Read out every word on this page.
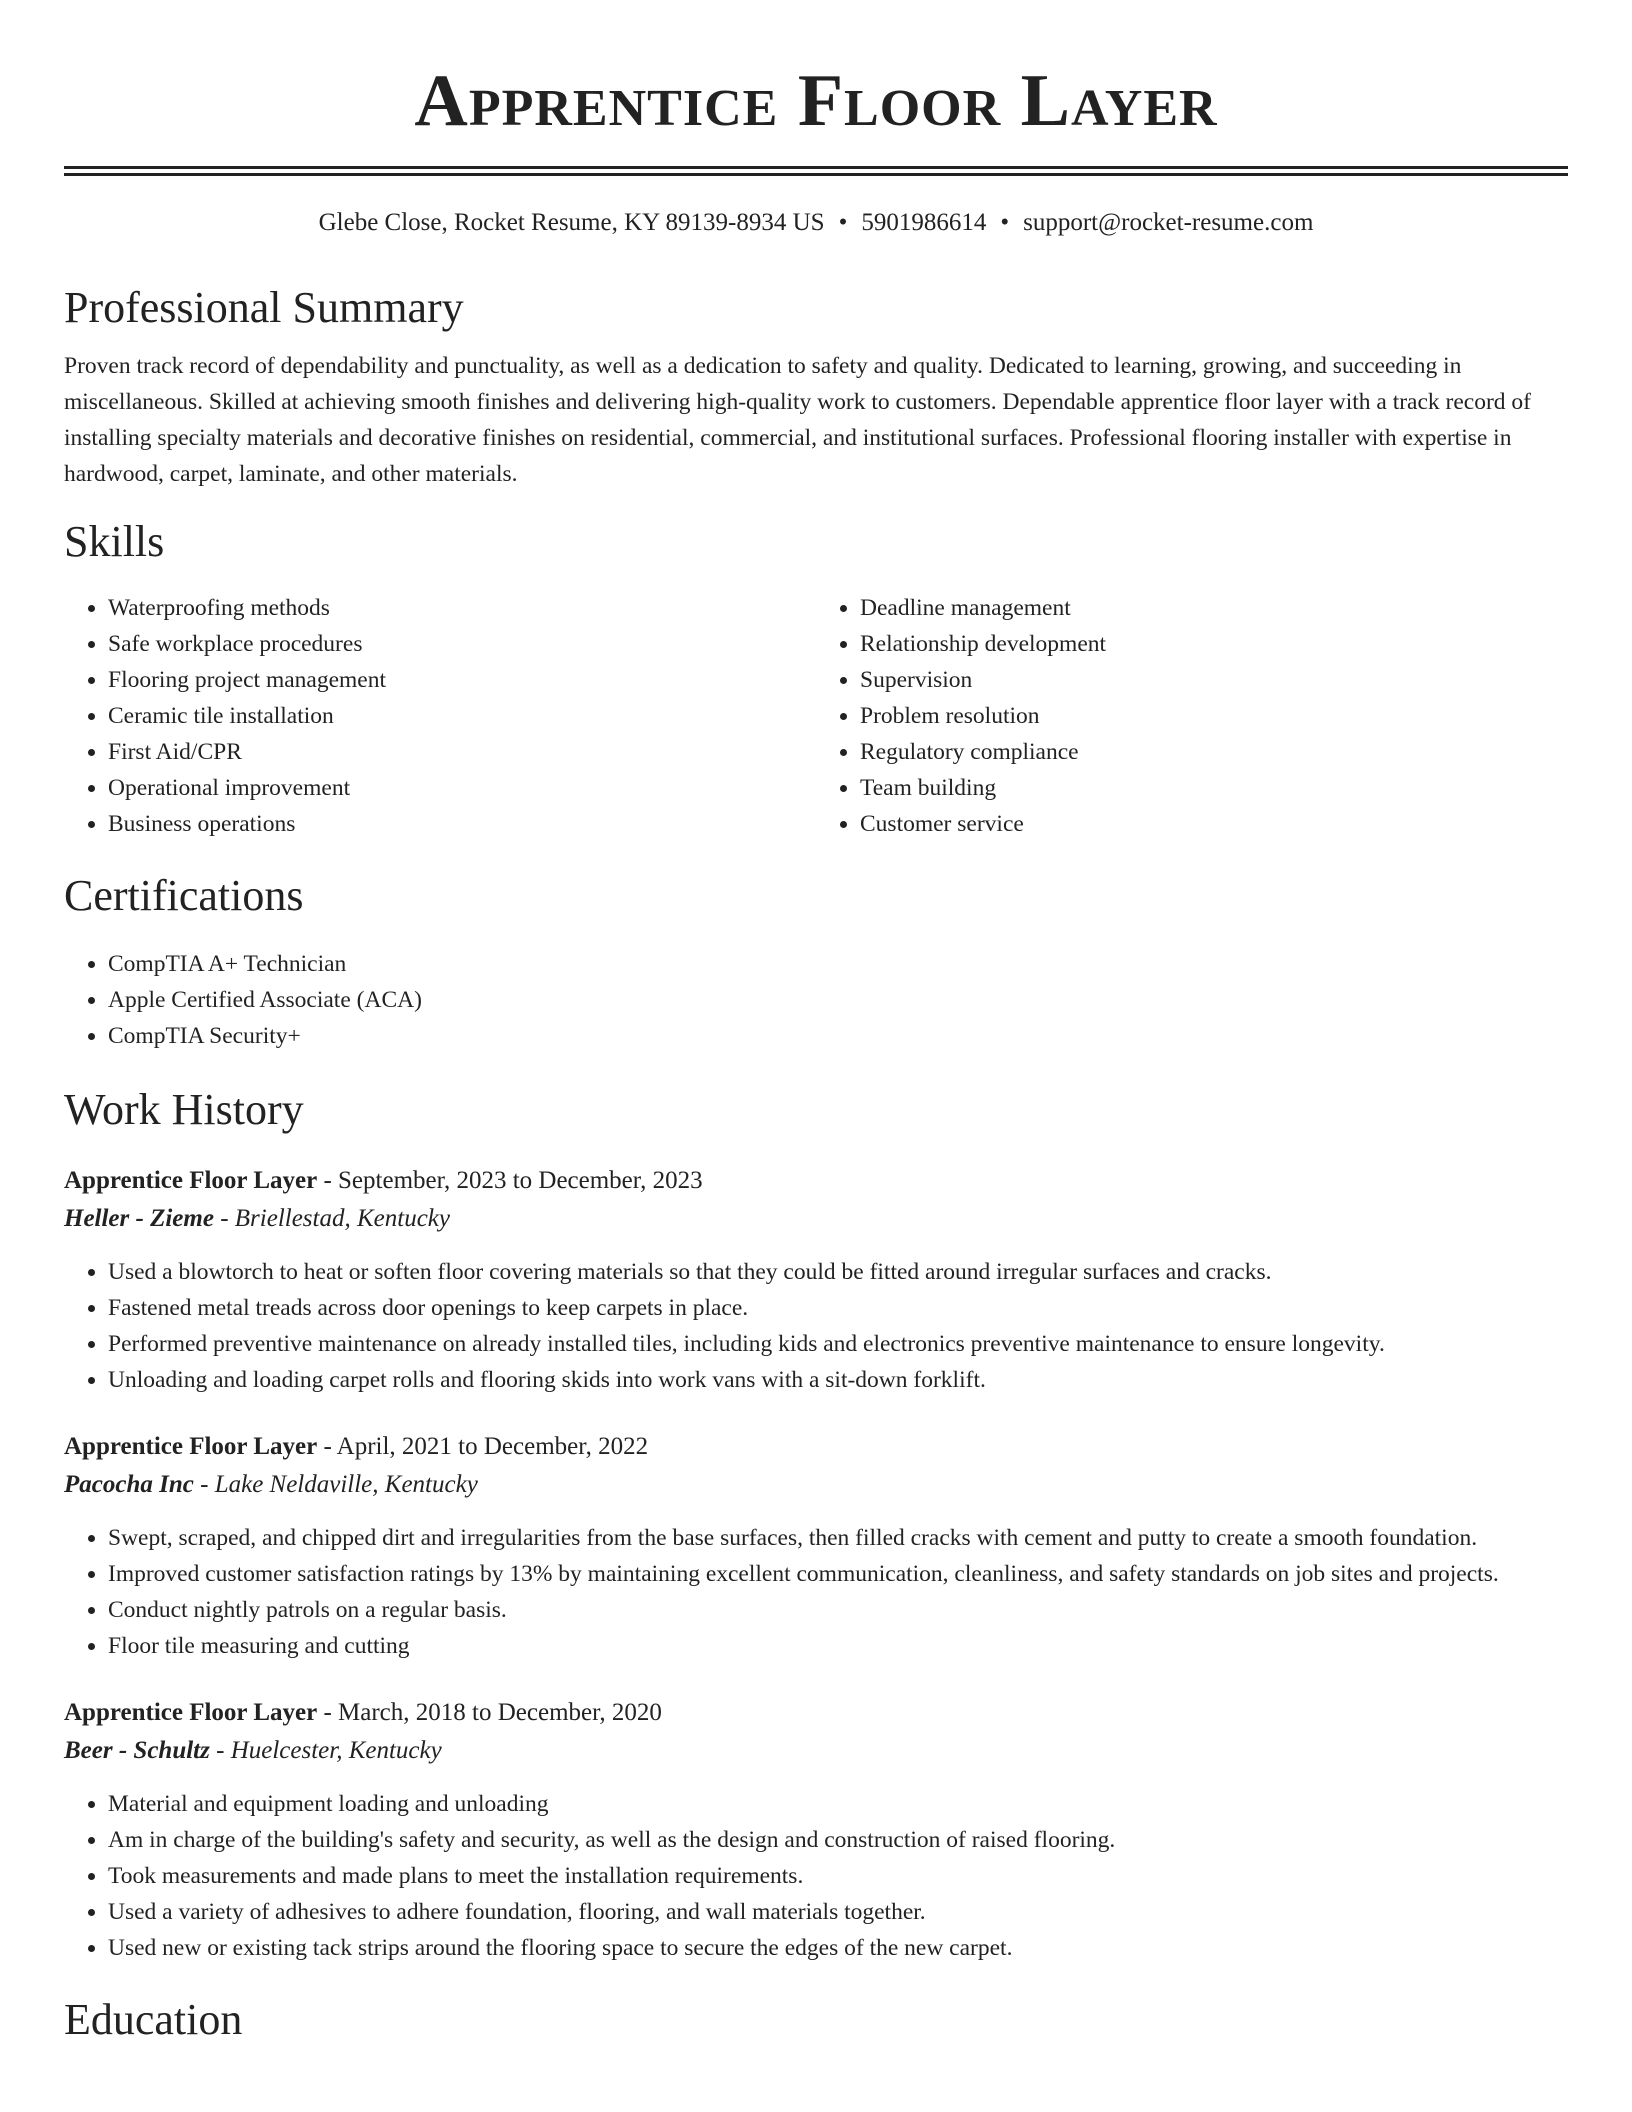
Apprentice Floor Layer
Glebe Close, Rocket Resume, KY 89139-8934 US • 5901986614 • support@rocket-resume.com
Professional Summary

Proven track record of dependability and punctuality, as well as a dedication to safety and quality. Dedicated to learning, growing, and succeeding in miscellaneous. Skilled at achieving smooth finishes and delivering high-quality work to customers. Dependable apprentice floor layer with a track record of installing specialty materials and decorative finishes on residential, commercial, and institutional surfaces. Professional flooring installer with expertise in hardwood, carpet, laminate, and other materials.

Skills
• Waterproofing methods
• Safe workplace procedures
• Flooring project management
• Ceramic tile installation
• First Aid/CPR
• Operational improvement
• Business operations
• Deadline management
• Relationship development
• Supervision
• Problem resolution
• Regulatory compliance
• Team building
• Customer service
Certifications
• CompTIA A+ Technician
• Apple Certified Associate (ACA)
• CompTIA Security+
Work History
Apprentice Floor Layer - September, 2023 to December, 2023
Heller - Zieme - Briellestad, Kentucky
• Used a blowtorch to heat or soften floor covering materials so that they could be fitted around irregular surfaces and cracks.
• Fastened metal treads across door openings to keep carpets in place.
• Performed preventive maintenance on already installed tiles, including kids and electronics preventive maintenance to ensure longevity.
• Unloading and loading carpet rolls and flooring skids into work vans with a sit-down forklift.
Apprentice Floor Layer - April, 2021 to December, 2022
Pacocha Inc - Lake Neldaville, Kentucky
• Swept, scraped, and chipped dirt and irregularities from the base surfaces, then filled cracks with cement and putty to create a smooth foundation.
• Improved customer satisfaction ratings by 13% by maintaining excellent communication, cleanliness, and safety standards on job sites and projects.
• Conduct nightly patrols on a regular basis.
• Floor tile measuring and cutting
Apprentice Floor Layer - March, 2018 to December, 2020
Beer - Schultz - Huelcester, Kentucky
• Material and equipment loading and unloading
• Am in charge of the building's safety and security, as well as the design and construction of raised flooring.
• Took measurements and made plans to meet the installation requirements.
• Used a variety of adhesives to adhere foundation, flooring, and wall materials together.
• Used new or existing tack strips around the flooring space to secure the edges of the new carpet.
Education
